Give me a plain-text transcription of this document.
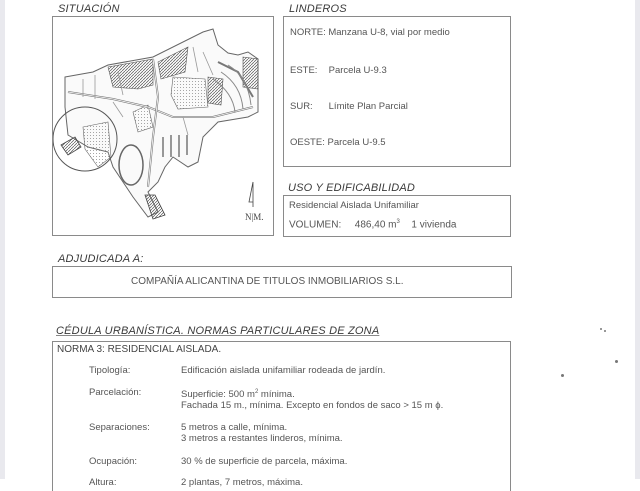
SITUACIÓN
N|M.
LINDEROS
NORTE: Manzana U-8, vial por medio
ESTE: Parcela U-9.3
SUR: Límite Plan Parcial
OESTE: Parcela U-9.5
USO Y EDIFICABILIDAD
Residencial Aislada Unifamiliar
VOLUMEN: 486,40 $m^3$ 1 vivienda
ADJUDICADA A:
COMPAÑÍA ALICANTINA DE TITULOS INMOBILIARIOS S.L.
CÉDULA URBANÍSTICA. NORMAS PARTICULARES DE ZONA
NORMA 3: RESIDENCIAL AISLADA.
Tipología:	Edificación aislada unifamiliar rodeada de jardín.
Parcelación:	Superficie: 500 $m^2$ mínima.
Fachada 15 m., mínima. Excepto en fondos de saco > 15 m ϕ.
Separaciones:	5 metros a calle, mínima.
3 metros a restantes linderos, mínima.
Ocupación:	30 % de superficie de parcela, máxima.
Altura:	2 plantas, 7 metros, máxima.
